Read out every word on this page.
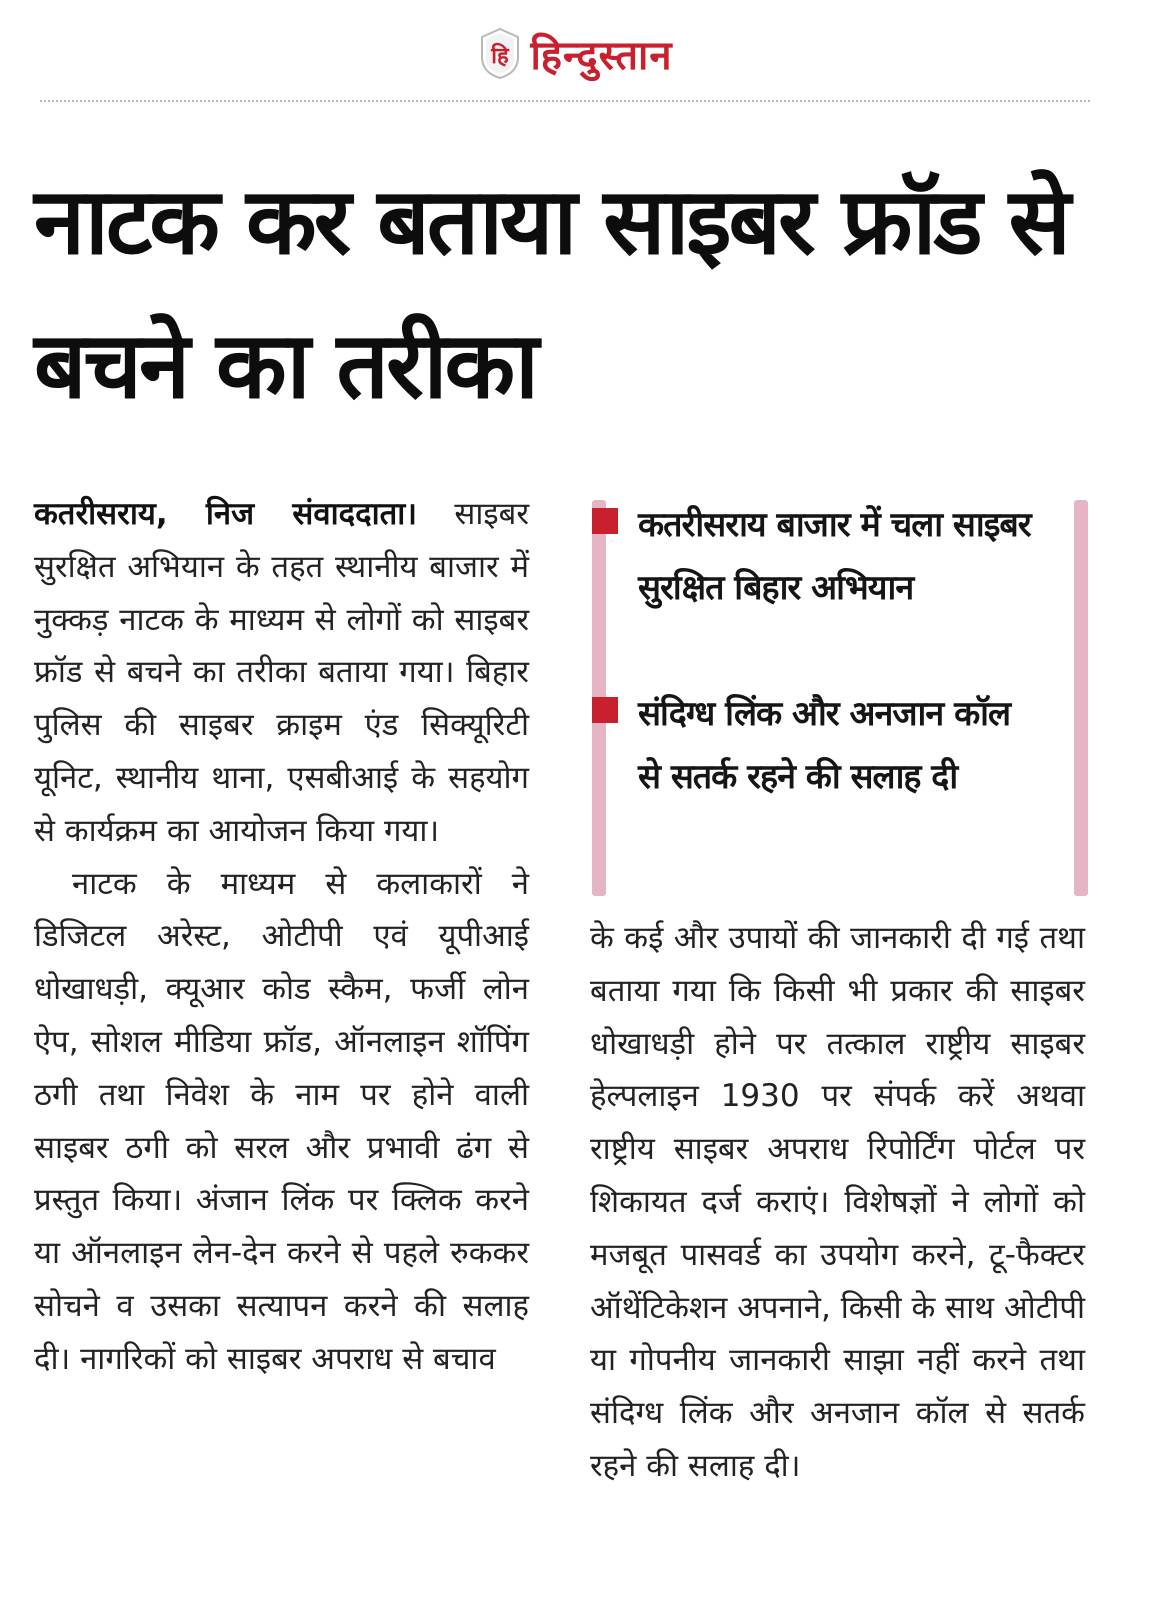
हि हिन्दुस्तान
नाटक कर बताया साइबर फ्रॉड से बचने का तरीका

कतरीसराय, निज संवाददाता। साइबर सुरक्षित अभियान के तहत स्थानीय बाजार में नुक्कड़ नाटक के माध्यम से लोगों को साइबर फ्रॉड से बचने का तरीका बताया गया। बिहार पुलिस की साइबर क्राइम एंड सिक्यूरिटी यूनिट, स्थानीय थाना, एसबीआई के सहयोग से कार्यक्रम का आयोजन किया गया।

नाटक के माध्यम से कलाकारों ने डिजिटल अरेस्ट, ओटीपी एवं यूपीआई धोखाधड़ी, क्यूआर कोड स्कैम, फर्जी लोन ऐप, सोशल मीडिया फ्रॉड, ऑनलाइन शॉपिंग ठगी तथा निवेश के नाम पर होने वाली साइबर ठगी को सरल और प्रभावी ढंग से प्रस्तुत किया। अंजान लिंक पर क्लिक करने या ऑनलाइन लेन-देन करने से पहले रुककर सोचने व उसका सत्यापन करने की सलाह दी। नागरिकों को साइबर अपराध से बचाव

कतरीसराय बाजार में चला साइबर सुरक्षित बिहार अभियान
संदिग्ध लिंक और अनजान कॉल से सतर्क रहने की सलाह दी

के कई और उपायों की जानकारी दी गई तथा बताया गया कि किसी भी प्रकार की साइबर धोखाधड़ी होने पर तत्काल राष्ट्रीय साइबर हेल्पलाइन 1930 पर संपर्क करें अथवा राष्ट्रीय साइबर अपराध रिपोर्टिंग पोर्टल पर शिकायत दर्ज कराएं। विशेषज्ञों ने लोगों को मजबूत पासवर्ड का उपयोग करने, टू-फैक्टर ऑथेंटिकेशन अपनाने, किसी के साथ ओटीपी या गोपनीय जानकारी साझा नहीं करने तथा संदिग्ध लिंक और अनजान कॉल से सतर्क रहने की सलाह दी।
